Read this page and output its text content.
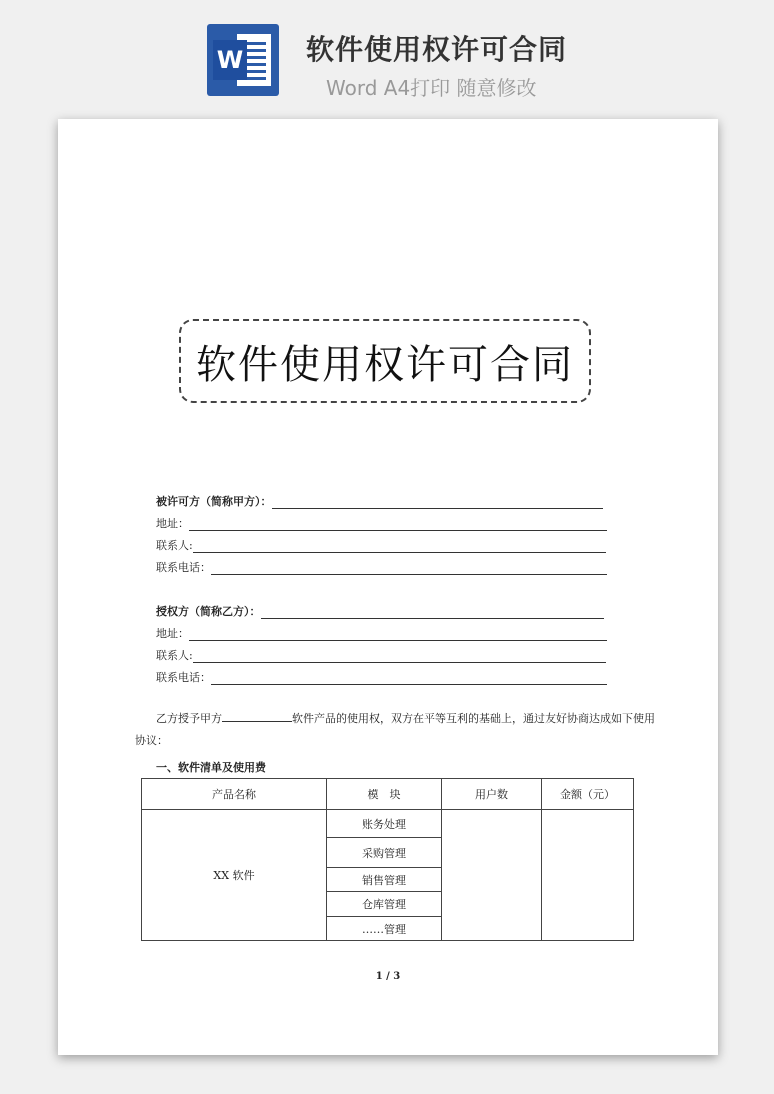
W 软件使用权许可合同
Word A4打印 随意修改
软件使用权许可合同
被许可方（简称甲方）：
地址：
联系人:
联系电话：
授权方（简称乙方）：
地址：
联系人:
联系电话：
乙方授予甲方	软件产品的使用权，双方在平等互利的基础上，通过友好协商达成如下使用协议：
一、软件清单及使用费
产品名称	模　块	用户数	金额（元）
XX 软件	账务处理		
	采购管理		
	销售管理		
	仓库管理		
	……管理		
1 / 3
